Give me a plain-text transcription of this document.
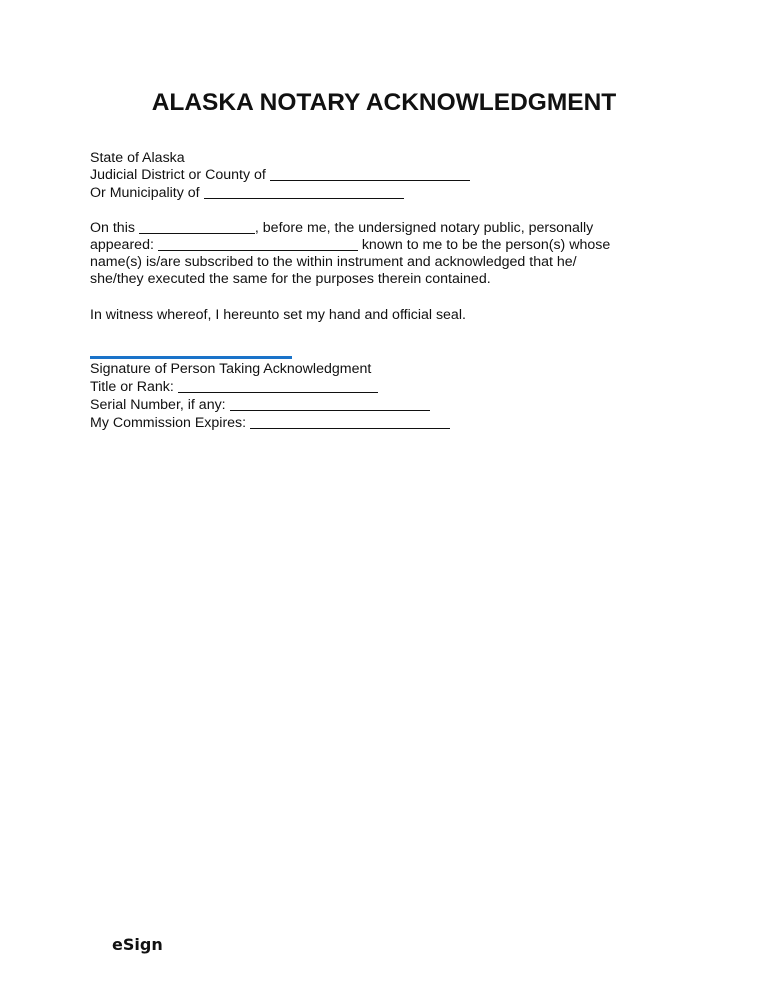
ALASKA NOTARY ACKNOWLEDGMENT
State of Alaska
Judicial District or County of
Or Municipality of
On this	, before me, the undersigned notary public, personally
appeared:	known to me to be the person(s) whose
name(s) is/are subscribed to the within instrument and acknowledged that he/
she/they executed the same for the purposes therein contained.
In witness whereof, I hereunto set my hand and official seal.
Signature of Person Taking Acknowledgment
Title or Rank:
Serial Number, if any:
My Commission Expires:
eSign
